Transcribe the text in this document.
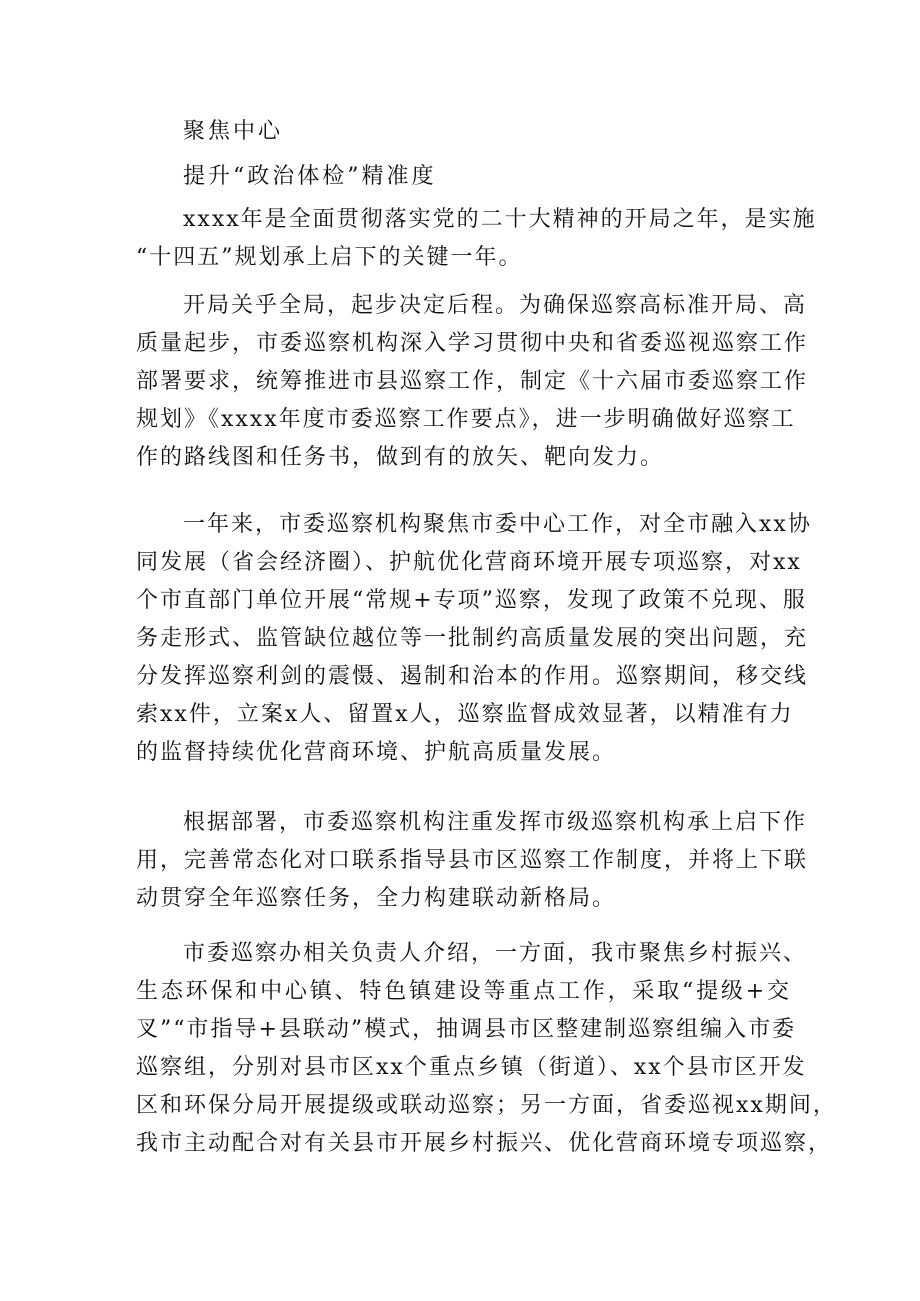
聚焦中心
提升“政治体检”精准度
xxxx年是全面贯彻落实党的二十大精神的开局之年，是实施
“十四五”规划承上启下的关键一年。
开局关乎全局，起步决定后程。为确保巡察高标准开局、高
质量起步，市委巡察机构深入学习贯彻中央和省委巡视巡察工作
部署要求，统筹推进市县巡察工作，制定《十六届市委巡察工作
规划》《xxxx年度市委巡察工作要点》，进一步明确做好巡察工
作的路线图和任务书，做到有的放矢、靶向发力。
一年来，市委巡察机构聚焦市委中心工作，对全市融入xx协
同发展（省会经济圈）、护航优化营商环境开展专项巡察，对xx
个市直部门单位开展“常规+专项”巡察，发现了政策不兑现、服
务走形式、监管缺位越位等一批制约高质量发展的突出问题，充
分发挥巡察利剑的震慑、遏制和治本的作用。巡察期间，移交线
索xx件，立案x人、留置x人，巡察监督成效显著，以精准有力
的监督持续优化营商环境、护航高质量发展。
根据部署，市委巡察机构注重发挥市级巡察机构承上启下作
用，完善常态化对口联系指导县市区巡察工作制度，并将上下联
动贯穿全年巡察任务，全力构建联动新格局。
市委巡察办相关负责人介绍，一方面，我市聚焦乡村振兴、
生态环保和中心镇、特色镇建设等重点工作，采取“提级+交
叉”“市指导+县联动”模式，抽调县市区整建制巡察组编入市委
巡察组，分别对县市区xx个重点乡镇（街道）、xx个县市区开发
区和环保分局开展提级或联动巡察；另一方面，省委巡视xx期间，
我市主动配合对有关县市开展乡村振兴、优化营商环境专项巡察，
